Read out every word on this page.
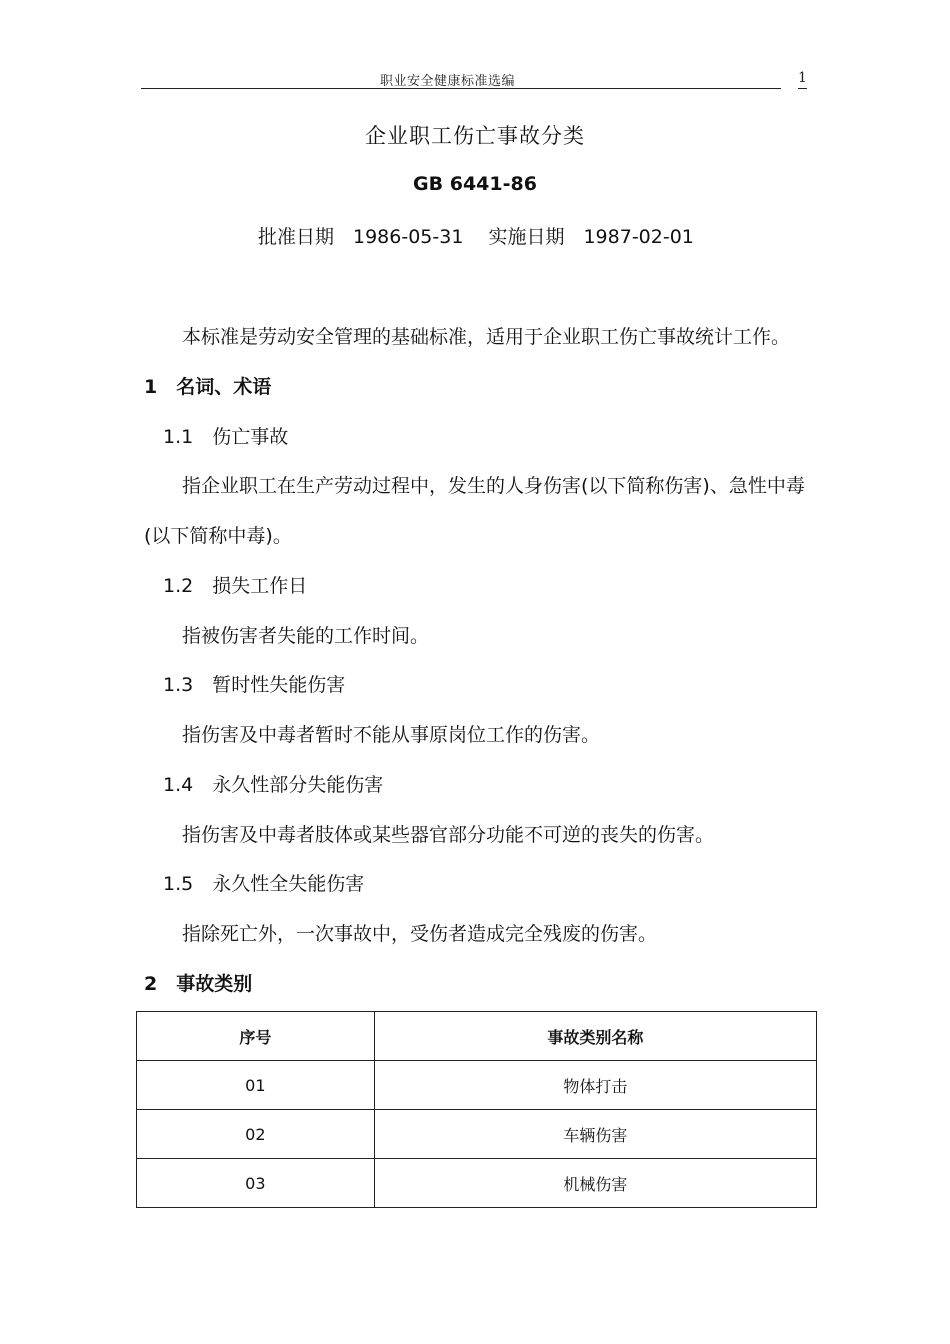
职业安全健康标准选编	1
企业职工伤亡事故分类
GB 6441-86
批准日期　1986-05-31　 实施日期　1987-02-01
本标准是劳动安全管理的基础标准，适用于企业职工伤亡事故统计工作。
1　名词、术语
1.1　伤亡事故
指企业职工在生产劳动过程中，发生的人身伤害(以下简称伤害)、急性中毒
(以下简称中毒)。
1.2　损失工作日
指被伤害者失能的工作时间。
1.3　暂时性失能伤害
指伤害及中毒者暂时不能从事原岗位工作的伤害。
1.4　永久性部分失能伤害
指伤害及中毒者肢体或某些器官部分功能不可逆的丧失的伤害。
1.5　永久性全失能伤害
指除死亡外，一次事故中，受伤者造成完全残废的伤害。
2　事故类别
序号	事故类别名称
01	物体打击
02	车辆伤害
03	机械伤害
